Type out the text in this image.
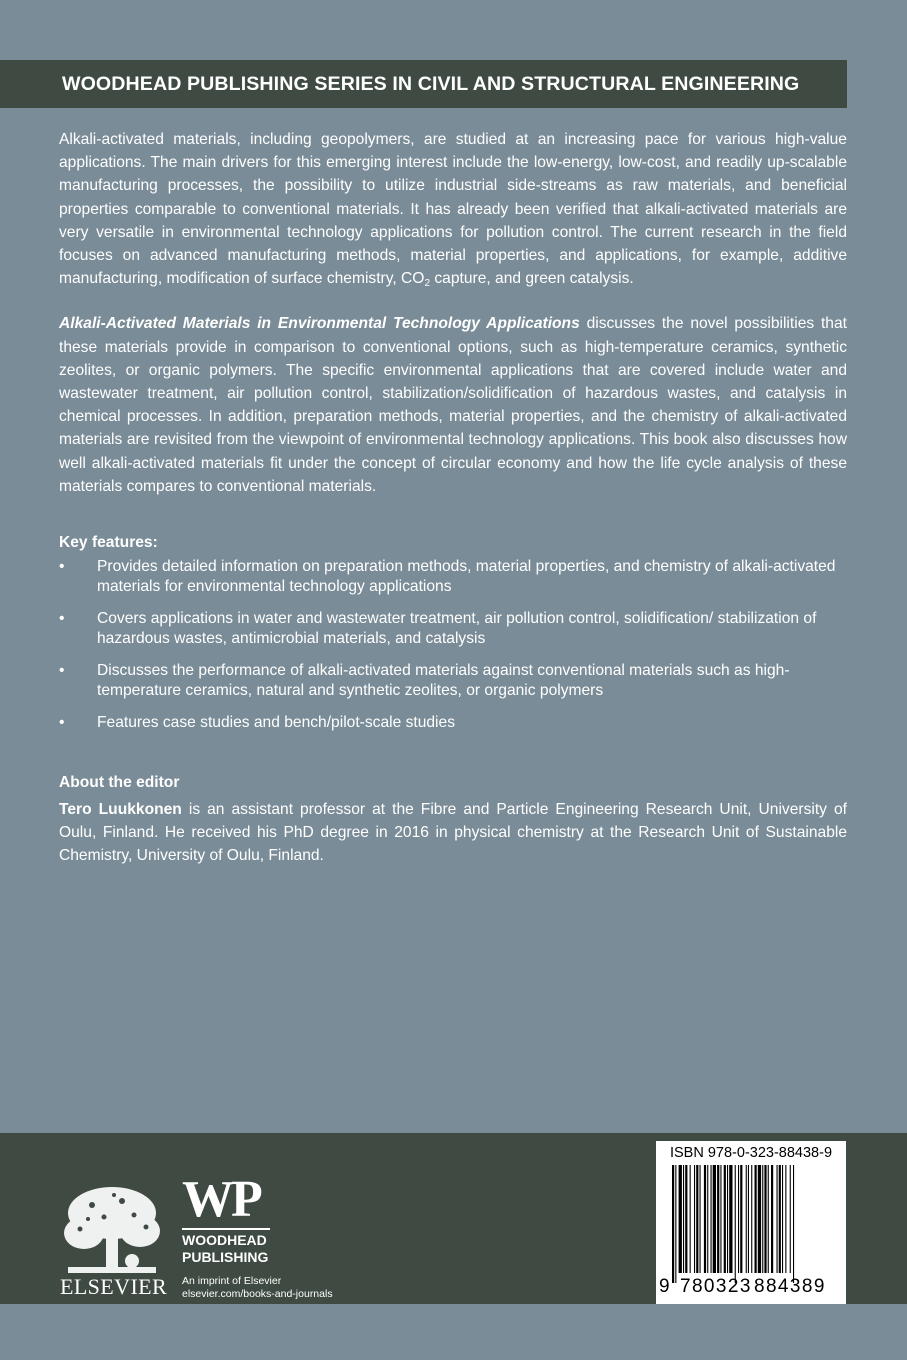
WOODHEAD PUBLISHING SERIES IN CIVIL AND STRUCTURAL ENGINEERING

Alkali-activated materials, including geopolymers, are studied at an increasing pace for various high-value applications. The main drivers for this emerging interest include the low-energy, low-cost, and readily up-scalable manufacturing processes, the possibility to utilize industrial side-streams as raw materials, and beneficial properties comparable to conventional materials. It has already been verified that alkali-activated materials are very versatile in environmental technology applications for pollution control. The current research in the field focuses on advanced manufacturing methods, material properties, and applications, for example, additive manufacturing, modification of surface chemistry, $CO_2$ capture, and green catalysis.

Alkali-Activated Materials in Environmental Technology Applications discusses the novel possibilities that these materials provide in comparison to conventional options, such as high-temperature ceramics, synthetic zeolites, or organic polymers. The specific environmental applications that are covered include water and wastewater treatment, air pollution control, stabilization/solidification of hazardous wastes, and catalysis in chemical processes. In addition, preparation methods, material properties, and the chemistry of alkali-activated materials are revisited from the viewpoint of environmental technology applications. This book also discusses how well alkali-activated materials fit under the concept of circular economy and how the life cycle analysis of these materials compares to conventional materials.

Key features:
• Provides detailed information on preparation methods, material properties, and chemistry of alkali-activated materials for environmental technology applications
• Covers applications in water and wastewater treatment, air pollution control, solidification/ stabilization of hazardous wastes, antimicrobial materials, and catalysis
• Discusses the performance of alkali-activated materials against conventional materials such as high-temperature ceramics, natural and synthetic zeolites, or organic polymers
• Features case studies and bench/pilot-scale studies
About the editor

Tero Luukkonen is an assistant professor at the Fibre and Particle Engineering Research Unit, University of Oulu, Finland. He received his PhD degree in 2016 in physical chemistry at the Research Unit of Sustainable Chemistry, University of Oulu, Finland.

ELSEVIER
WP
WOODHEAD
PUBLISHING
An imprint of Elsevier
elsevier.com/books-and-journals
ISBN 978-0-323-88438-9
9 780323 884389
